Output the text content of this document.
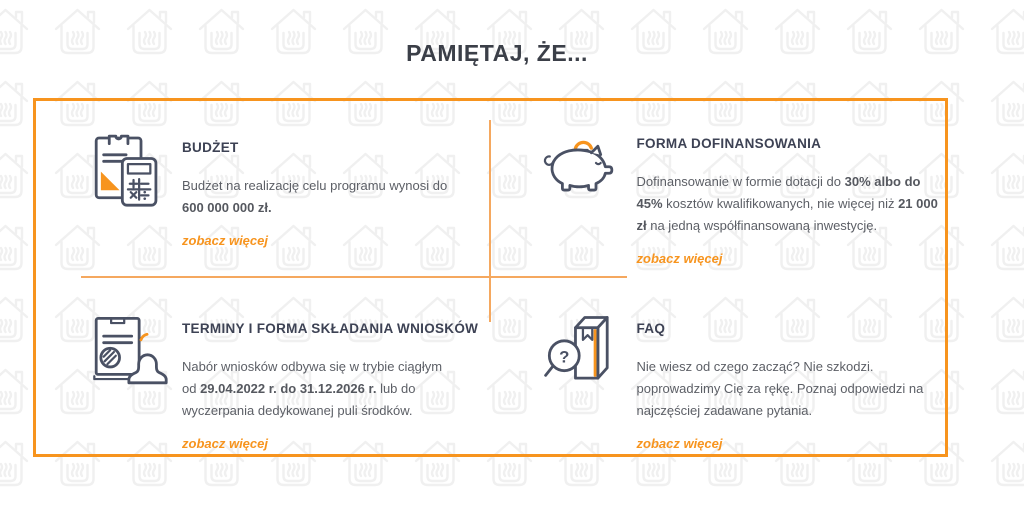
PAMIĘTAJ, ŻE...
BUDŻET

Budżet na realizację celu programu wynosi do 600 000 000 zł.

zobacz więcej
FORMA DOFINANSOWANIA

Dofinansowanie w formie dotacji do 30% albo do 45% kosztów kwalifikowanych, nie więcej niż 21 000 zł na jedną współfinansowaną inwestycję.

zobacz więcej
TERMINY I FORMA SKŁADANIA WNIOSKÓW

Nabór wniosków odbywa się w trybie ciągłym od 29.04.2022 r. do 31.12.2026 r. lub do wyczerpania dedykowanej puli środków.

zobacz więcej
?
FAQ

Nie wiesz od czego zacząć? Nie szkodzi. poprowadzimy Cię za rękę. Poznaj odpowiedzi na najczęściej zadawane pytania.

zobacz więcej
